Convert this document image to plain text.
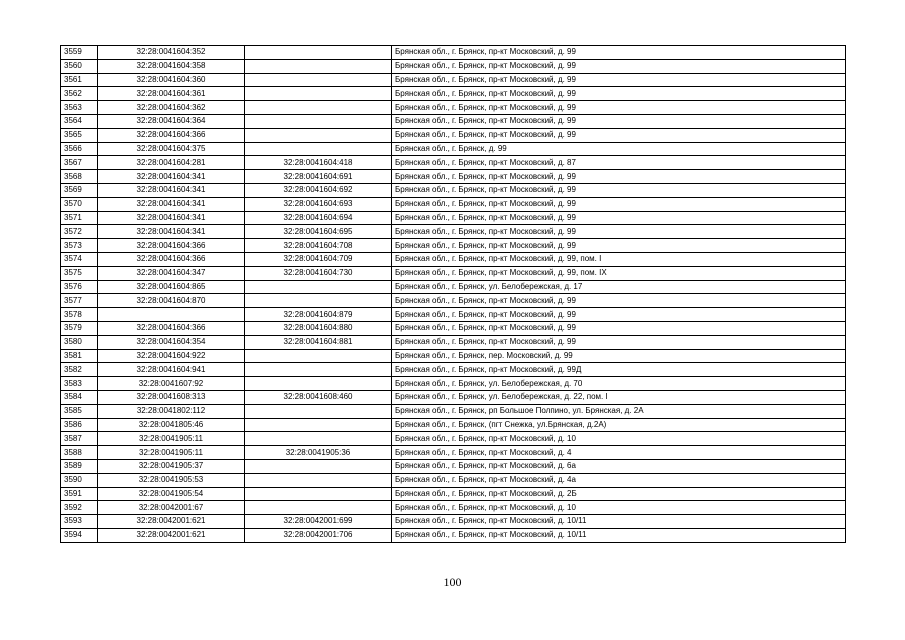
3559	32:28:0041604:352		Брянская обл., г. Брянск, пр-кт Московский, д. 99
3560	32:28:0041604:358		Брянская обл., г. Брянск, пр-кт Московский, д. 99
3561	32:28:0041604:360		Брянская обл., г. Брянск, пр-кт Московский, д. 99
3562	32:28:0041604:361		Брянская обл., г. Брянск, пр-кт Московский, д. 99
3563	32:28:0041604:362		Брянская обл., г. Брянск, пр-кт Московский, д. 99
3564	32:28:0041604:364		Брянская обл., г. Брянск, пр-кт Московский, д. 99
3565	32:28:0041604:366		Брянская обл., г. Брянск, пр-кт Московский, д. 99
3566	32:28:0041604:375		Брянская обл., г. Брянск, д. 99
3567	32:28:0041604:281	32:28:0041604:418	Брянская обл., г. Брянск, пр-кт Московский, д. 87
3568	32:28:0041604:341	32:28:0041604:691	Брянская обл., г. Брянск, пр-кт Московский, д. 99
3569	32:28:0041604:341	32:28:0041604:692	Брянская обл., г. Брянск, пр-кт Московский, д. 99
3570	32:28:0041604:341	32:28:0041604:693	Брянская обл., г. Брянск, пр-кт Московский, д. 99
3571	32:28:0041604:341	32:28:0041604:694	Брянская обл., г. Брянск, пр-кт Московский, д. 99
3572	32:28:0041604:341	32:28:0041604:695	Брянская обл., г. Брянск, пр-кт Московский, д. 99
3573	32:28:0041604:366	32:28:0041604:708	Брянская обл., г. Брянск, пр-кт Московский, д. 99
3574	32:28:0041604:366	32:28:0041604:709	Брянская обл., г. Брянск, пр-кт Московский, д. 99, пом. I
3575	32:28:0041604:347	32:28:0041604:730	Брянская обл., г. Брянск, пр-кт Московский, д. 99, пом. IX
3576	32:28:0041604:865		Брянская обл., г. Брянск, ул. Белобережская, д. 17
3577	32:28:0041604:870		Брянская обл., г. Брянск, пр-кт Московский, д. 99
3578		32:28:0041604:879	Брянская обл., г. Брянск, пр-кт Московский, д. 99
3579	32:28:0041604:366	32:28:0041604:880	Брянская обл., г. Брянск, пр-кт Московский, д. 99
3580	32:28:0041604:354	32:28:0041604:881	Брянская обл., г. Брянск, пр-кт Московский, д. 99
3581	32:28:0041604:922		Брянская обл., г. Брянск, пер. Московский, д. 99
3582	32:28:0041604:941		Брянская обл., г. Брянск, пр-кт Московский, д. 99Д
3583	32:28:0041607:92		Брянская обл., г. Брянск, ул. Белобережская, д. 70
3584	32:28:0041608:313	32:28:0041608:460	Брянская обл., г. Брянск, ул. Белобережская, д. 22, пом. I
3585	32:28:0041802:112		Брянская обл., г. Брянск, рп Большое Полпино, ул. Брянская, д. 2А
3586	32:28:0041805:46		Брянская обл., г. Брянск, (пгт Снежка, ул.Брянская, д.2А)
3587	32:28:0041905:11		Брянская обл., г. Брянск, пр-кт Московский, д. 10
3588	32:28:0041905:11	32:28:0041905:36	Брянская обл., г. Брянск, пр-кт Московский, д. 4
3589	32:28:0041905:37		Брянская обл., г. Брянск, пр-кт Московский, д. 6а
3590	32:28:0041905:53		Брянская обл., г. Брянск, пр-кт Московский, д. 4а
3591	32:28:0041905:54		Брянская обл., г. Брянск, пр-кт Московский, д. 2Б
3592	32:28:0042001:67		Брянская обл., г. Брянск, пр-кт Московский, д. 10
3593	32:28:0042001:621	32:28:0042001:699	Брянская обл., г. Брянск, пр-кт Московский, д. 10/11
3594	32:28:0042001:621	32:28:0042001:706	Брянская обл., г. Брянск, пр-кт Московский, д. 10/11
100
